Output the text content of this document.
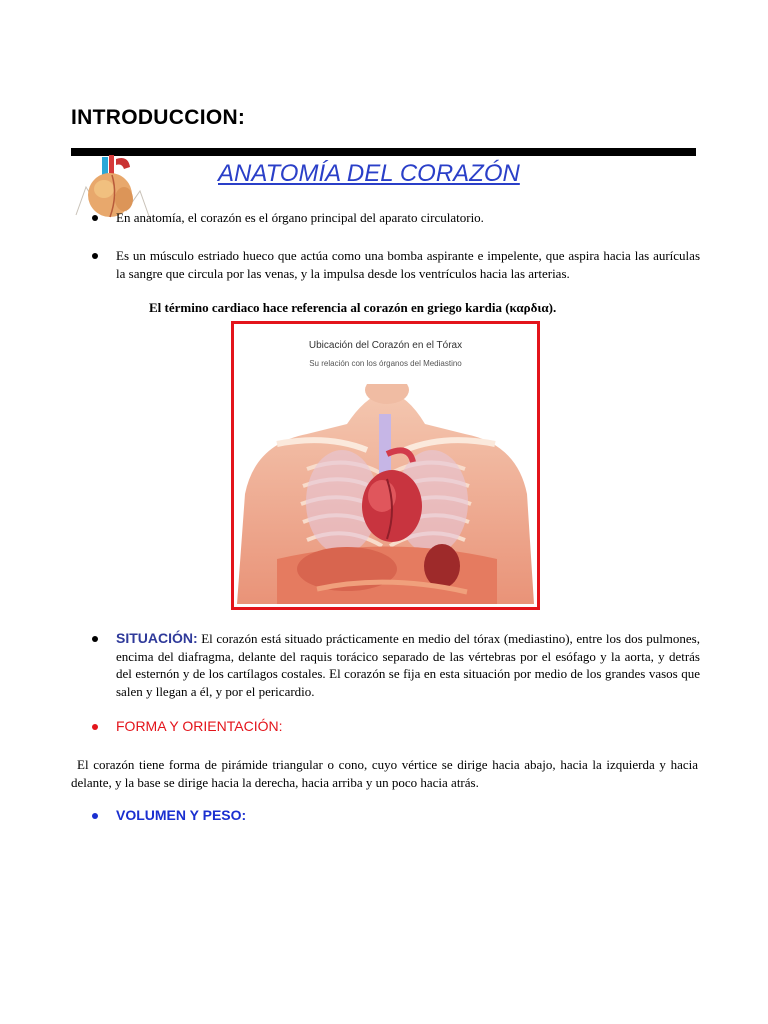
INTRODUCCION:
ANATOMÍA DEL CORAZÓN
En anatomía, el corazón es el órgano principal del aparato circulatorio.
Es un músculo estriado hueco que actúa como una bomba aspirante e impelente, que aspira hacia las aurículas la sangre que circula por las venas, y la impulsa desde los ventrículos hacia las arterias.
El término cardiaco hace referencia al corazón en griego kardia (καρδια).
Ubicación del Corazón en el Tórax
Su relación con los órganos del Mediastino
SITUACIÓN: El corazón está situado prácticamente en medio del tórax (mediastino), entre los dos pulmones, encima del diafragma, delante del raquis torácico separado de las vértebras por el esófago y la aorta, y detrás del esternón y de los cartílagos costales. El corazón se fija en esta situación por medio de los grandes vasos que salen y llegan a él, y por el pericardio.
FORMA Y ORIENTACIÓN:
El corazón tiene forma de pirámide triangular o cono, cuyo vértice se dirige hacia abajo, hacia la izquierda y hacia delante, y la base se dirige hacia la derecha, hacia arriba y un poco hacia atrás.
VOLUMEN Y PESO:
